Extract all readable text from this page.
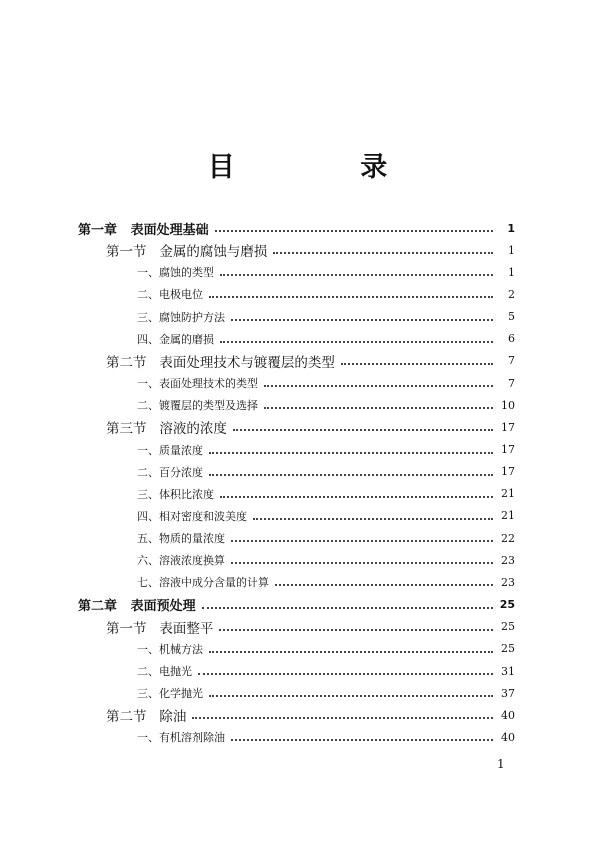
目 录
第一章   表面处理基础	1
第一节   金属的腐蚀与磨损	1
一、腐蚀的类型	1
二、电极电位	2
三、腐蚀防护方法	5
四、金属的磨损	6
第二节   表面处理技术与镀覆层的类型	7
一、表面处理技术的类型	7
二、镀覆层的类型及选择	10
第三节   溶液的浓度	17
一、质量浓度	17
二、百分浓度	17
三、体积比浓度	21
四、相对密度和波美度	21
五、物质的量浓度	22
六、溶液浓度换算	23
七、溶液中成分含量的计算	23
第二章   表面预处理	25
第一节   表面整平	25
一、机械方法	25
二、电抛光	31
三、化学抛光	37
第二节   除油	40
一、有机溶剂除油	40
1
